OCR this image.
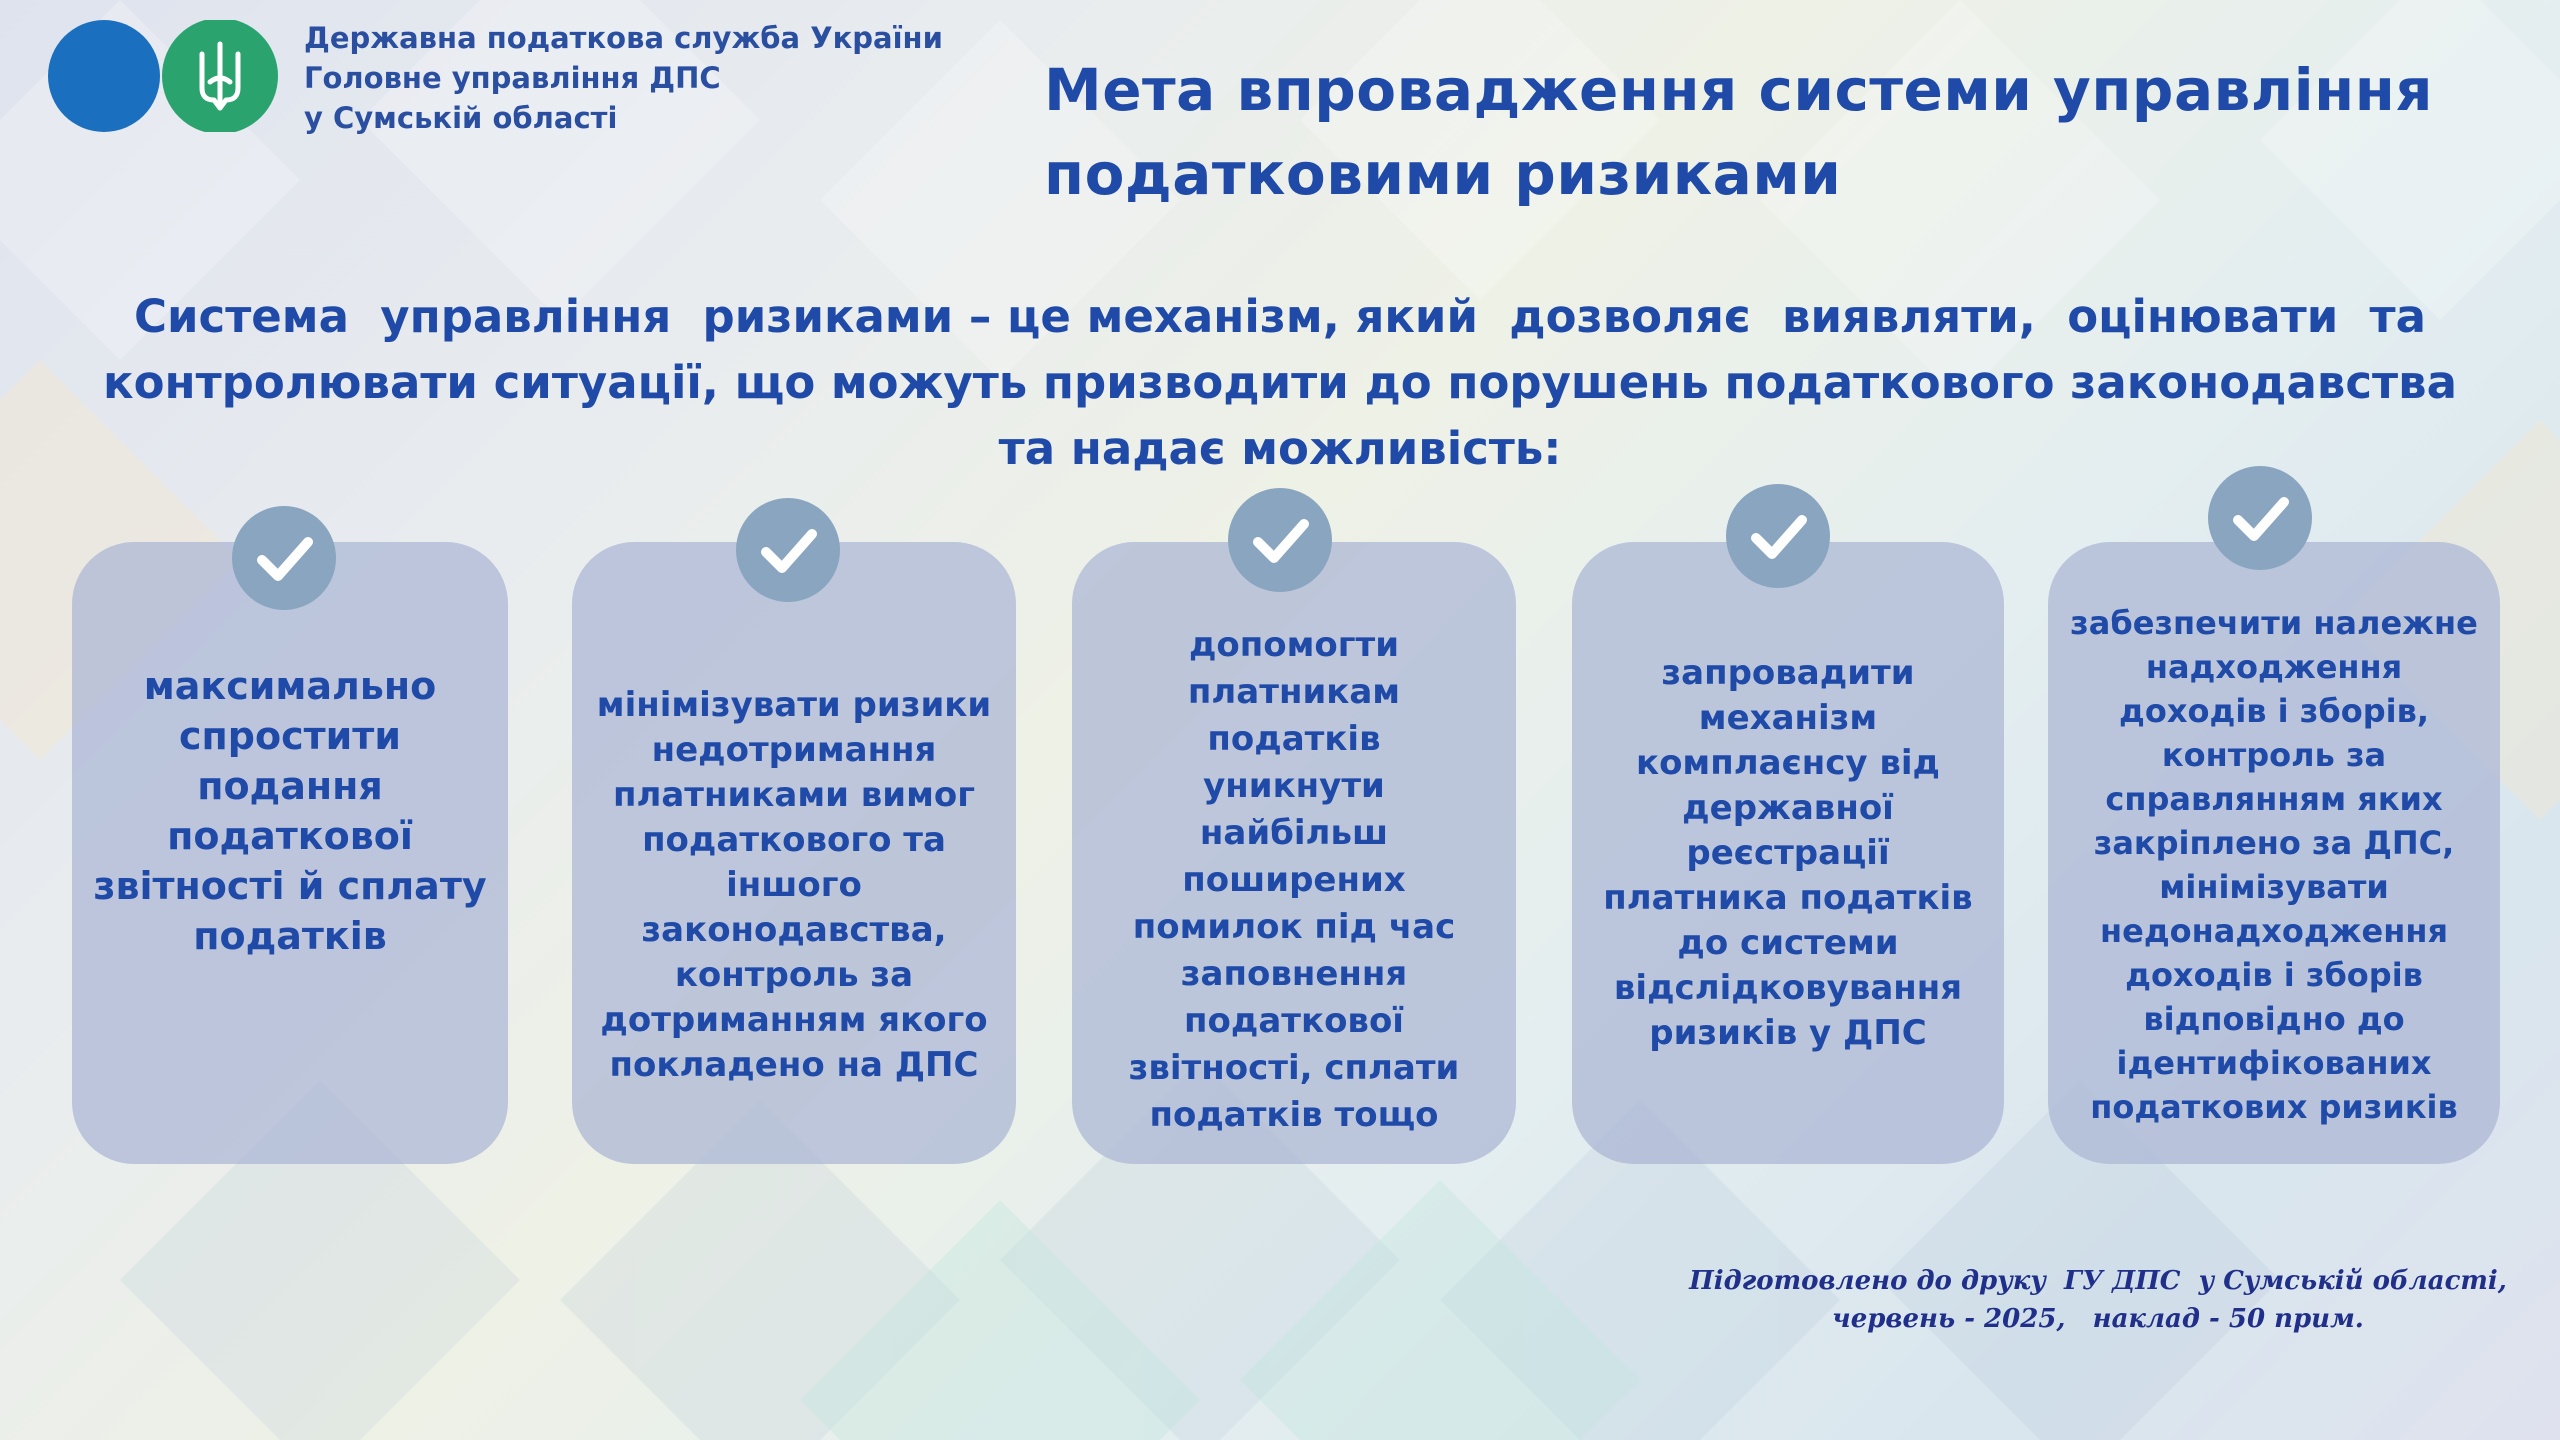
Державна податкова служба України
Головне управління ДПС
у Сумській області	Мета впровадження системи управління
податковими ризиками
Система  управління  ризиками – це механізм, який  дозволяє  виявляти,  оцінювати  та
контролювати ситуації, що можуть призводити до порушень податкового законодавства
та надає можливість:

максимально спростити подання податкової звітності й сплату податків

мінімізувати ризики недотримання платниками вимог податкового та іншого законодавства, контроль за дотриманням якого покладено на ДПС

допомогти платникам податків уникнути найбільш поширених помилок під час заповнення податкової звітності, сплати податків тощо

запровадити механізм комплаєнсу від державної реєстрації платника податків до системи відслідковування ризиків у ДПС

забезпечити належне надходження доходів і зборів, контроль за справлянням яких закріплено за ДПС, мінімізувати недонадходження доходів і зборів відповідно до ідентифікованих податкових ризиків

Підготовлено до друку  ГУ ДПС  у Сумській області,
червень - 2025,   наклад - 50 прим.
